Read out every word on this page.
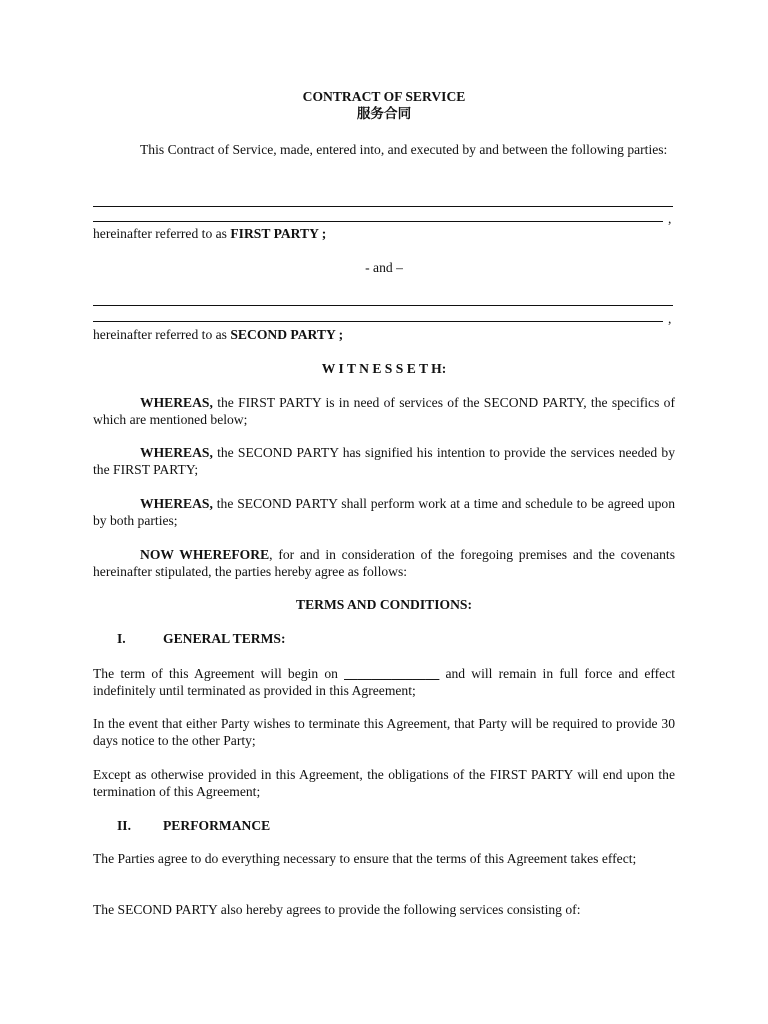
CONTRACT OF SERVICE
服务合同

This Contract of Service, made, entered into, and executed by and between the following parties:

,

hereinafter referred to as FIRST PARTY ;

- and –

,

hereinafter referred to as SECOND PARTY ;

W I T N E S S E T H:

WHEREAS, the FIRST PARTY is in need of services of the SECOND PARTY, the specifics of which are mentioned below;

WHEREAS, the SECOND PARTY has signified his intention to provide the services needed by the FIRST PARTY;

WHEREAS, the SECOND PARTY shall perform work at a time and schedule to be agreed upon by both parties;

NOW WHEREFORE, for and in consideration of the foregoing premises and the covenants hereinafter stipulated, the parties hereby agree as follows:

TERMS AND CONDITIONS:

I.	GENERAL TERMS:

The term of this Agreement will begin on ______________ and will remain in full force and effect indefinitely until terminated as provided in this Agreement;

In the event that either Party wishes to terminate this Agreement, that Party will be required to provide 30 days notice to the other Party;

Except as otherwise provided in this Agreement, the obligations of the FIRST PARTY will end upon the termination of this Agreement;

II. PERFORMANCE

The Parties agree to do everything necessary to ensure that the terms of this Agreement takes effect;

The SECOND PARTY also hereby agrees to provide the following services consisting of:
